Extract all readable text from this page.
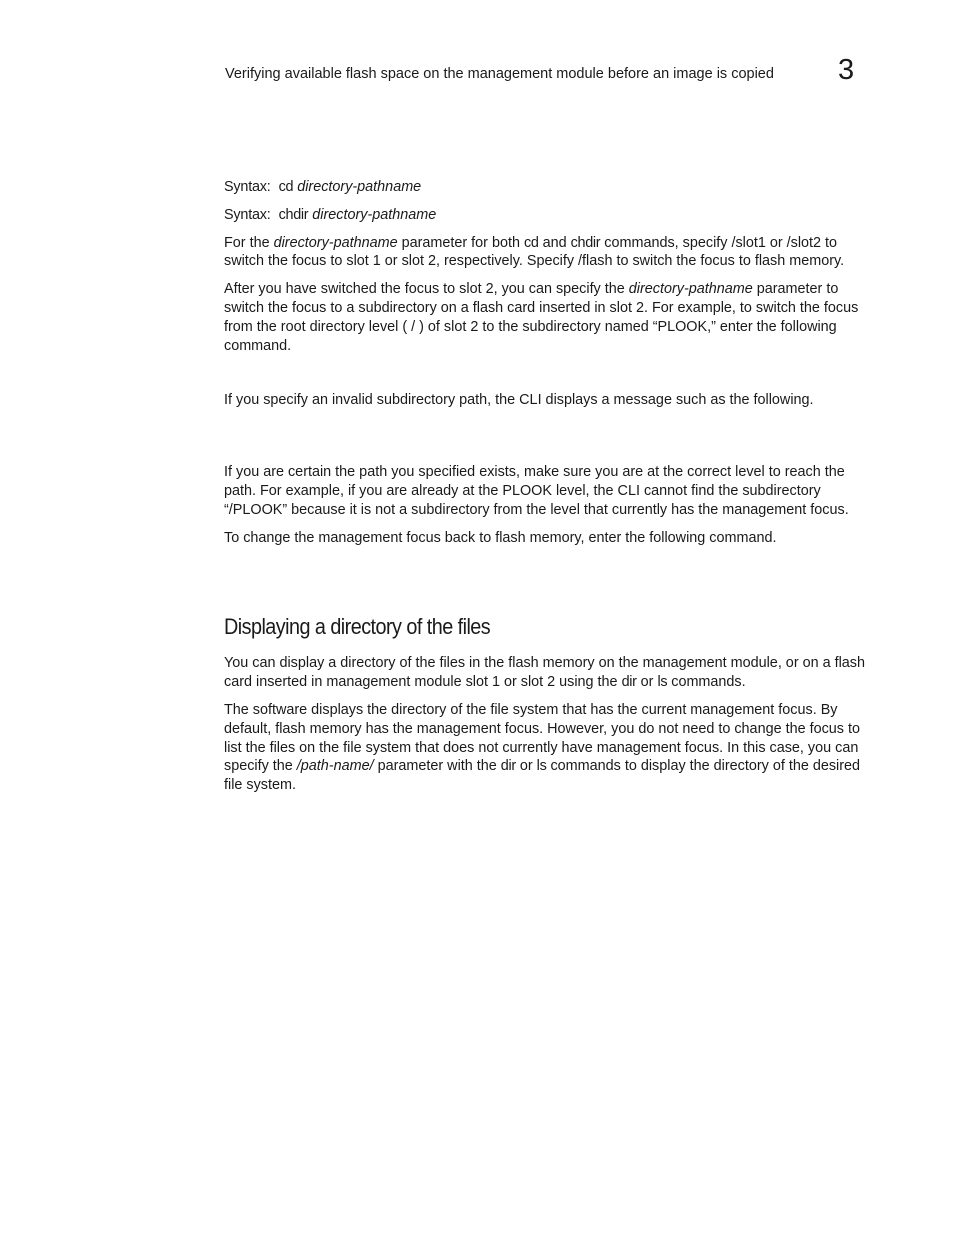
Verifying available flash space on the management module before an image is copied 3

Syntax: cd directory-pathname

Syntax: chdir directory-pathname

For the directory-pathname parameter for both cd and chdir commands, specify /slot1 or /slot2 to switch the focus to slot 1 or slot 2, respectively. Specify /flash to switch the focus to flash memory.

After you have switched the focus to slot 2, you can specify the directory-pathname parameter to switch the focus to a subdirectory on a flash card inserted in slot 2. For example, to switch the focus from the root directory level ( / ) of slot 2 to the subdirectory named “PLOOK,” enter the following command.

If you specify an invalid subdirectory path, the CLI displays a message such as the following.

If you are certain the path you specified exists, make sure you are at the correct level to reach the path. For example, if you are already at the PLOOK level, the CLI cannot find the subdirectory “/PLOOK” because it is not a subdirectory from the level that currently has the management focus.

To change the management focus back to flash memory, enter the following command.

Displaying a directory of the files

You can display a directory of the files in the flash memory on the management module, or on a flash card inserted in management module slot 1 or slot 2 using the dir or ls commands.

The software displays the directory of the file system that has the current management focus. By default, flash memory has the management focus. However, you do not need to change the focus to list the files on the file system that does not currently have management focus. In this case, you can specify the /path-name/ parameter with the dir or ls commands to display the directory of the desired file system.
